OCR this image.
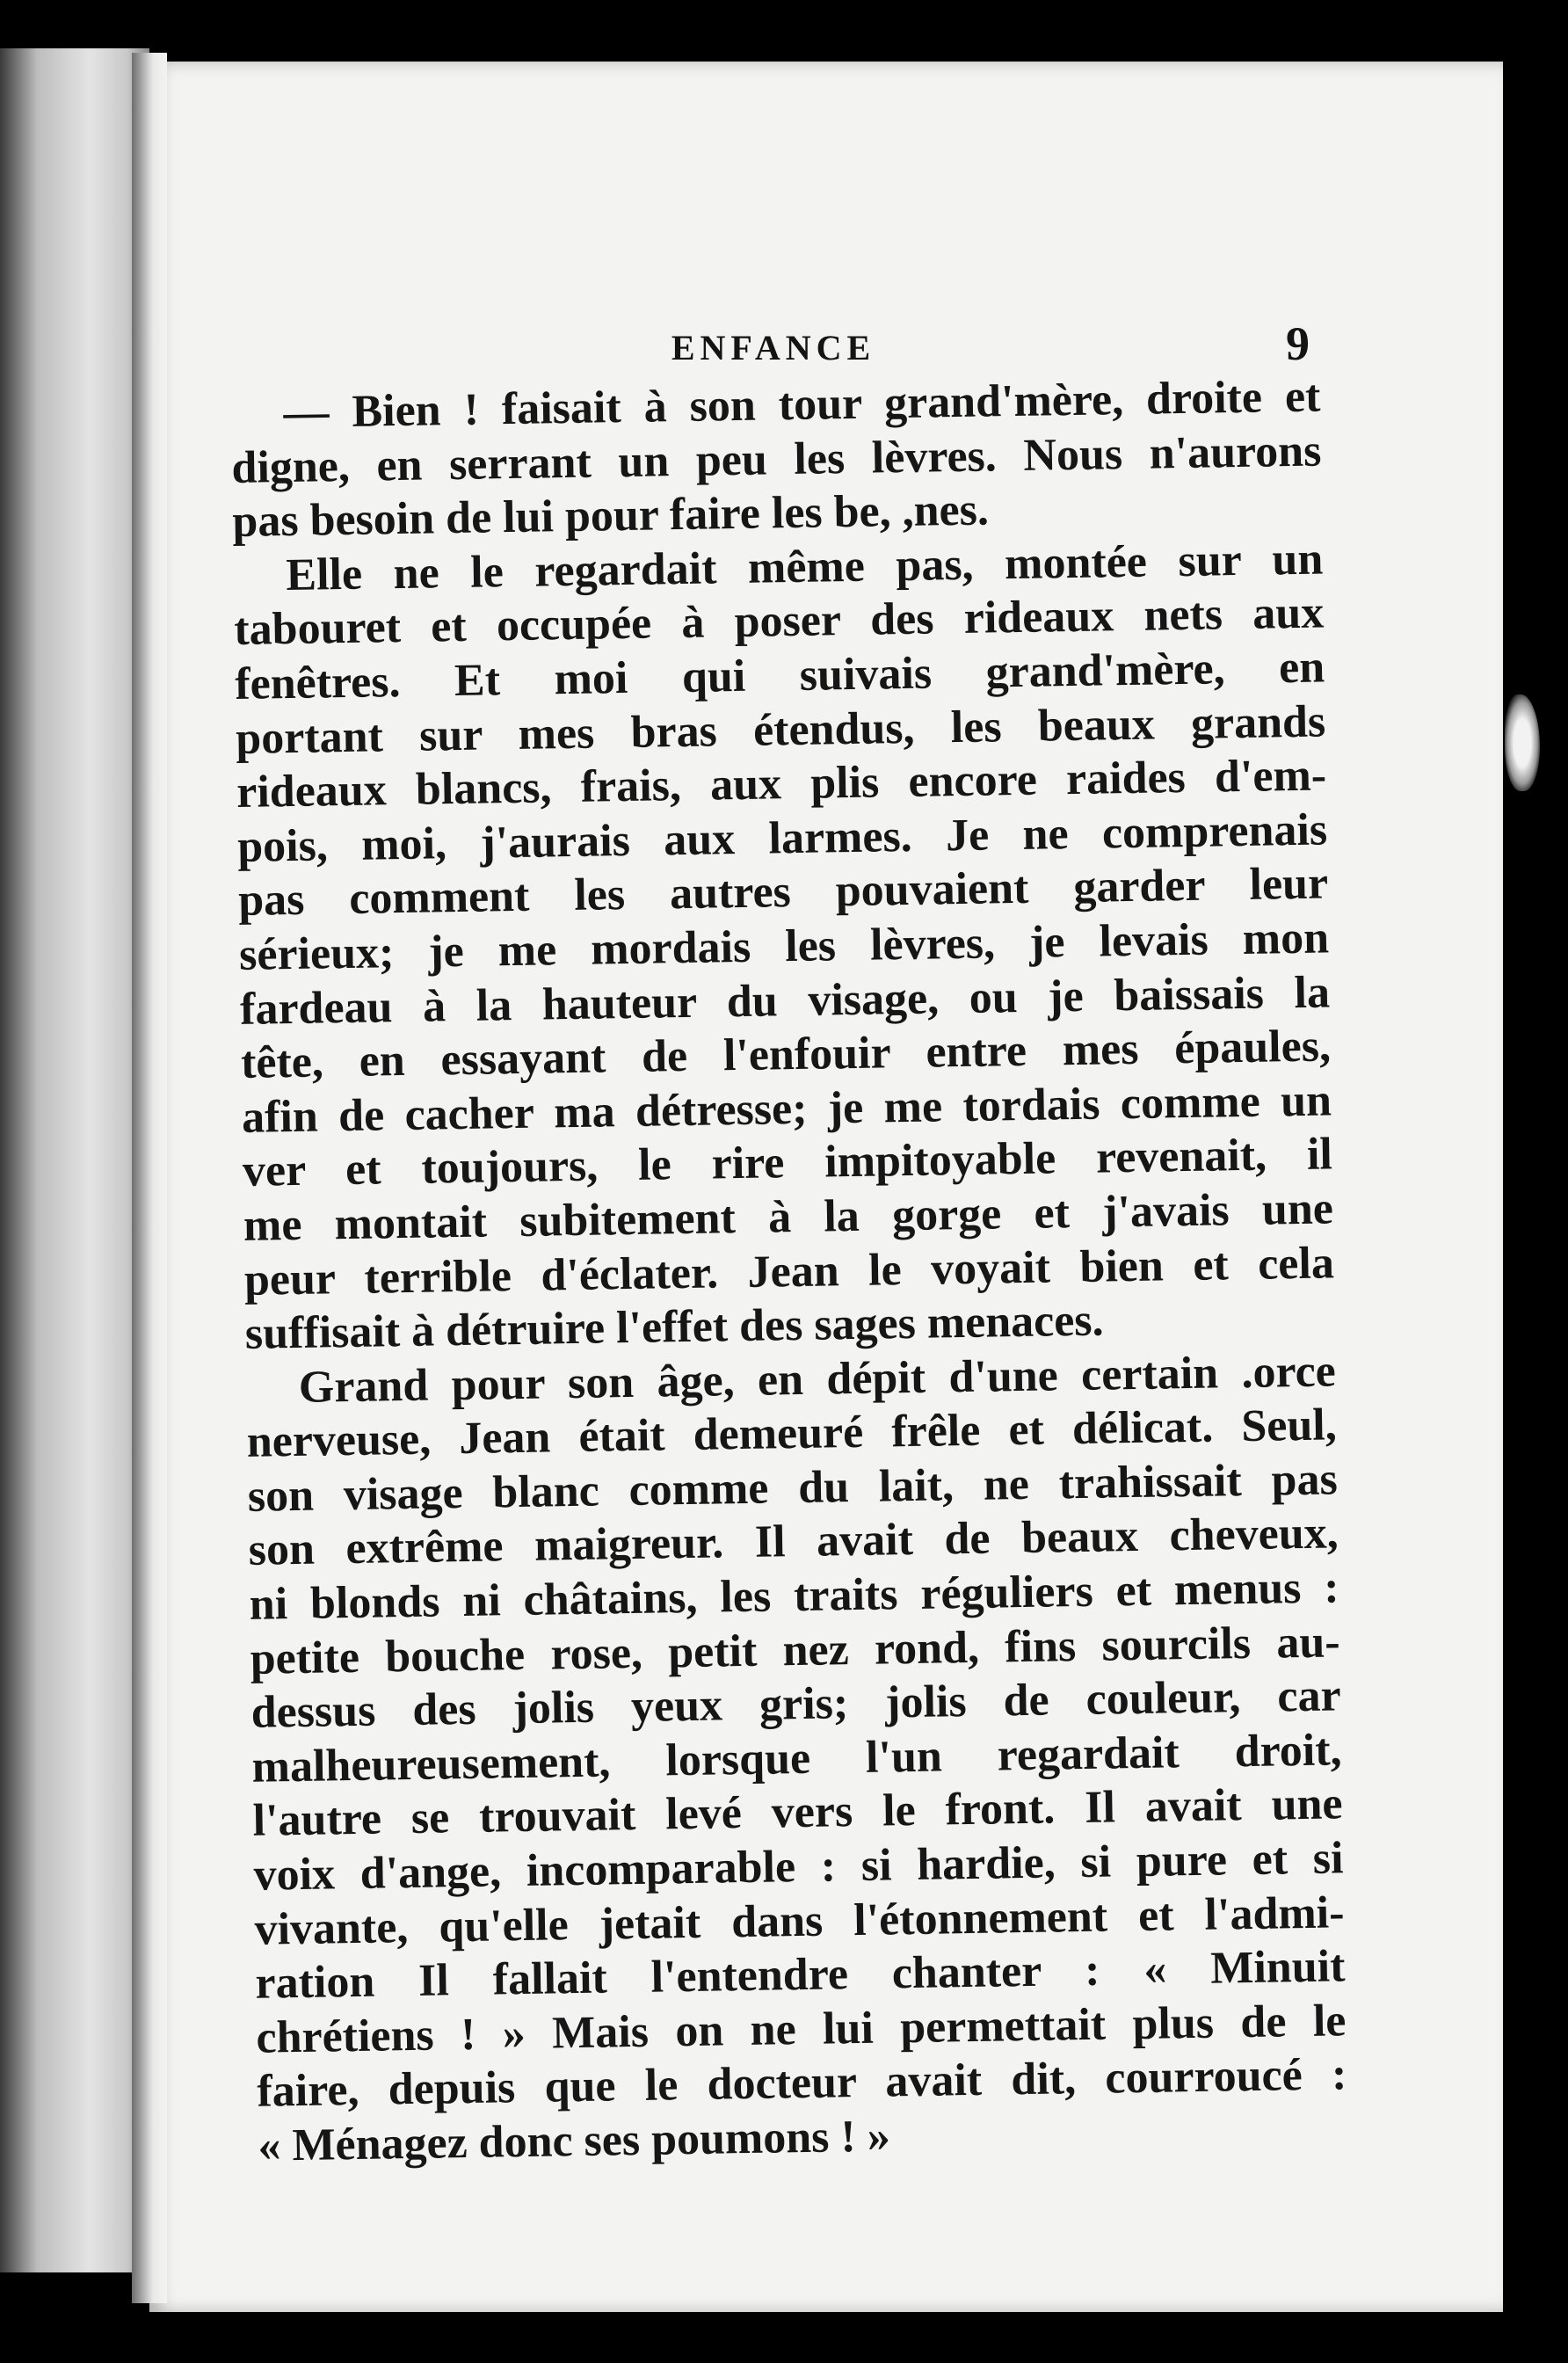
ENFANCE	9
— Bien ! faisait à son tour grand'mère, droite et
digne, en serrant un peu les lèvres. Nous n'aurons
pas besoin de lui pour faire les be, ,nes.
Elle ne le regardait même pas, montée sur un
tabouret et occupée à poser des rideaux nets aux
fenêtres. Et moi qui suivais grand'mère, en
portant sur mes bras étendus, les beaux grands
rideaux blancs, frais, aux plis encore raides d'em-
pois, moi, j'aurais aux larmes. Je ne comprenais
pas comment les autres pouvaient garder leur
sérieux; je me mordais les lèvres, je levais mon
fardeau à la hauteur du visage, ou je baissais la
tête, en essayant de l'enfouir entre mes épaules,
afin de cacher ma détresse; je me tordais comme un
ver et toujours, le rire impitoyable revenait, il
me montait subitement à la gorge et j'avais une
peur terrible d'éclater. Jean le voyait bien et cela
suffisait à détruire l'effet des sages menaces.
Grand pour son âge, en dépit d'une certain .orce
nerveuse, Jean était demeuré frêle et délicat. Seul,
son visage blanc comme du lait, ne trahissait pas
son extrême maigreur. Il avait de beaux cheveux,
ni blonds ni châtains, les traits réguliers et menus :
petite bouche rose, petit nez rond, fins sourcils au-
dessus des jolis yeux gris; jolis de couleur, car
malheureusement, lorsque l'un regardait droit,
l'autre se trouvait levé vers le front. Il avait une
voix d'ange, incomparable : si hardie, si pure et si
vivante, qu'elle jetait dans l'étonnement et l'admi-
ration Il fallait l'entendre chanter : « Minuit
chrétiens ! » Mais on ne lui permettait plus de le
faire, depuis que le docteur avait dit, courroucé :
« Ménagez donc ses poumons ! »
